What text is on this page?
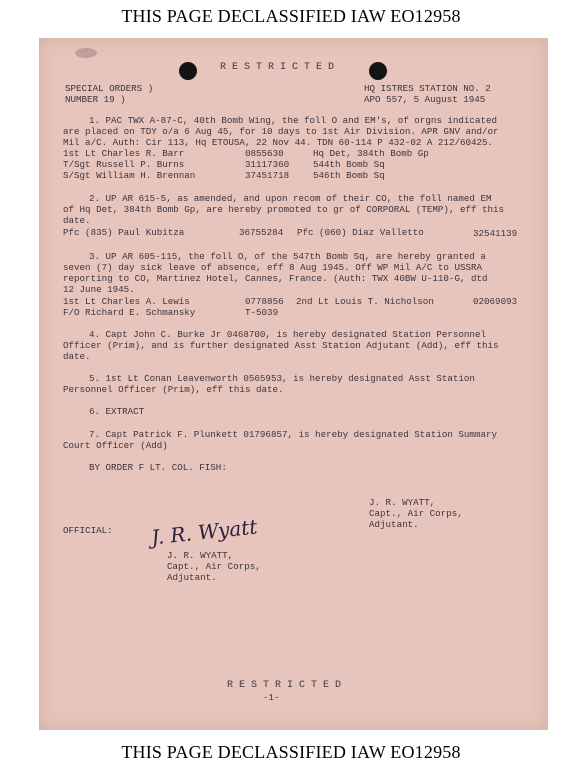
THIS PAGE DECLASSIFIED IAW EO12958
R E S T R I C T E D
SPECIAL ORDERS )
NUMBER 19 )
HQ ISTRES STATION NO. 2
APO 557, 5 August 1945
1. PAC TWX A-87-C, 40th Bomb Wing, the foll O and EM's, of orgns indicated
are placed on TDY o/a 6 Aug 45, for 10 days to 1st Air Division. APR GNV and/or
Mil a/C. Auth: Cir 113, Hq ETOUSA, 22 Nov 44. TDN 60-114 P 432-02 A 212/60425.
1st Lt Charles R. Barr	0855630	Hq Det, 384th Bomb Gp
T/Sgt Russell P. Burns	31117360	544th Bomb Sq
S/Sgt William H. Brennan	37451718	546th Bomb Sq
2. UP AR 615-5, as amended, and upon recom of their CO, the foll named EM
of Hq Det, 384th Bomb Gp, are hereby promoted to gr of CORPORAL (TEMP), eff this
date.
Pfc (835) Paul Kubitza	36755284 Pfc (060) Diaz Valletto	32541139
3. UP AR 605-115, the foll O, of the 547th Bomb Sq, are hereby granted a
seven (7) day sick leave of absence, eff 8 Aug 1945. Off WP Mil A/C to USSRA
reporting to CO, Martinez Hotel, Cannes, France. (Auth: TWX 40BW U-110-G, dtd
12 June 1945.
1st Lt Charles A. Lewis	0778856 2nd Lt Louis T. Nicholson	02069093
F/O Richard E. Schmansky	T-5039
4. Capt John C. Burke Jr 0468700, is hereby designated Station Personnel
Officer (Prim), and is further designated Asst Station Adjutant (Add), eff this
date.
5. 1st Lt Conan Leavenworth 0565953, is hereby designated Asst Station
Personnel Officer (Prim), eff this date.
6. EXTRACT
7. Capt Patrick F. Plunkett 01796857, is hereby designated Station Summary
Court Officer (Add)
BY ORDER F LT. COL. FISH:
J. R. WYATT,
Capt., Air Corps,
Adjutant.
OFFICIAL: J. R. Wyatt
J. R. WYATT,
Capt., Air Corps,
Adjutant.
R E S T R I C T E D
-1-
THIS PAGE DECLASSIFIED IAW EO12958
